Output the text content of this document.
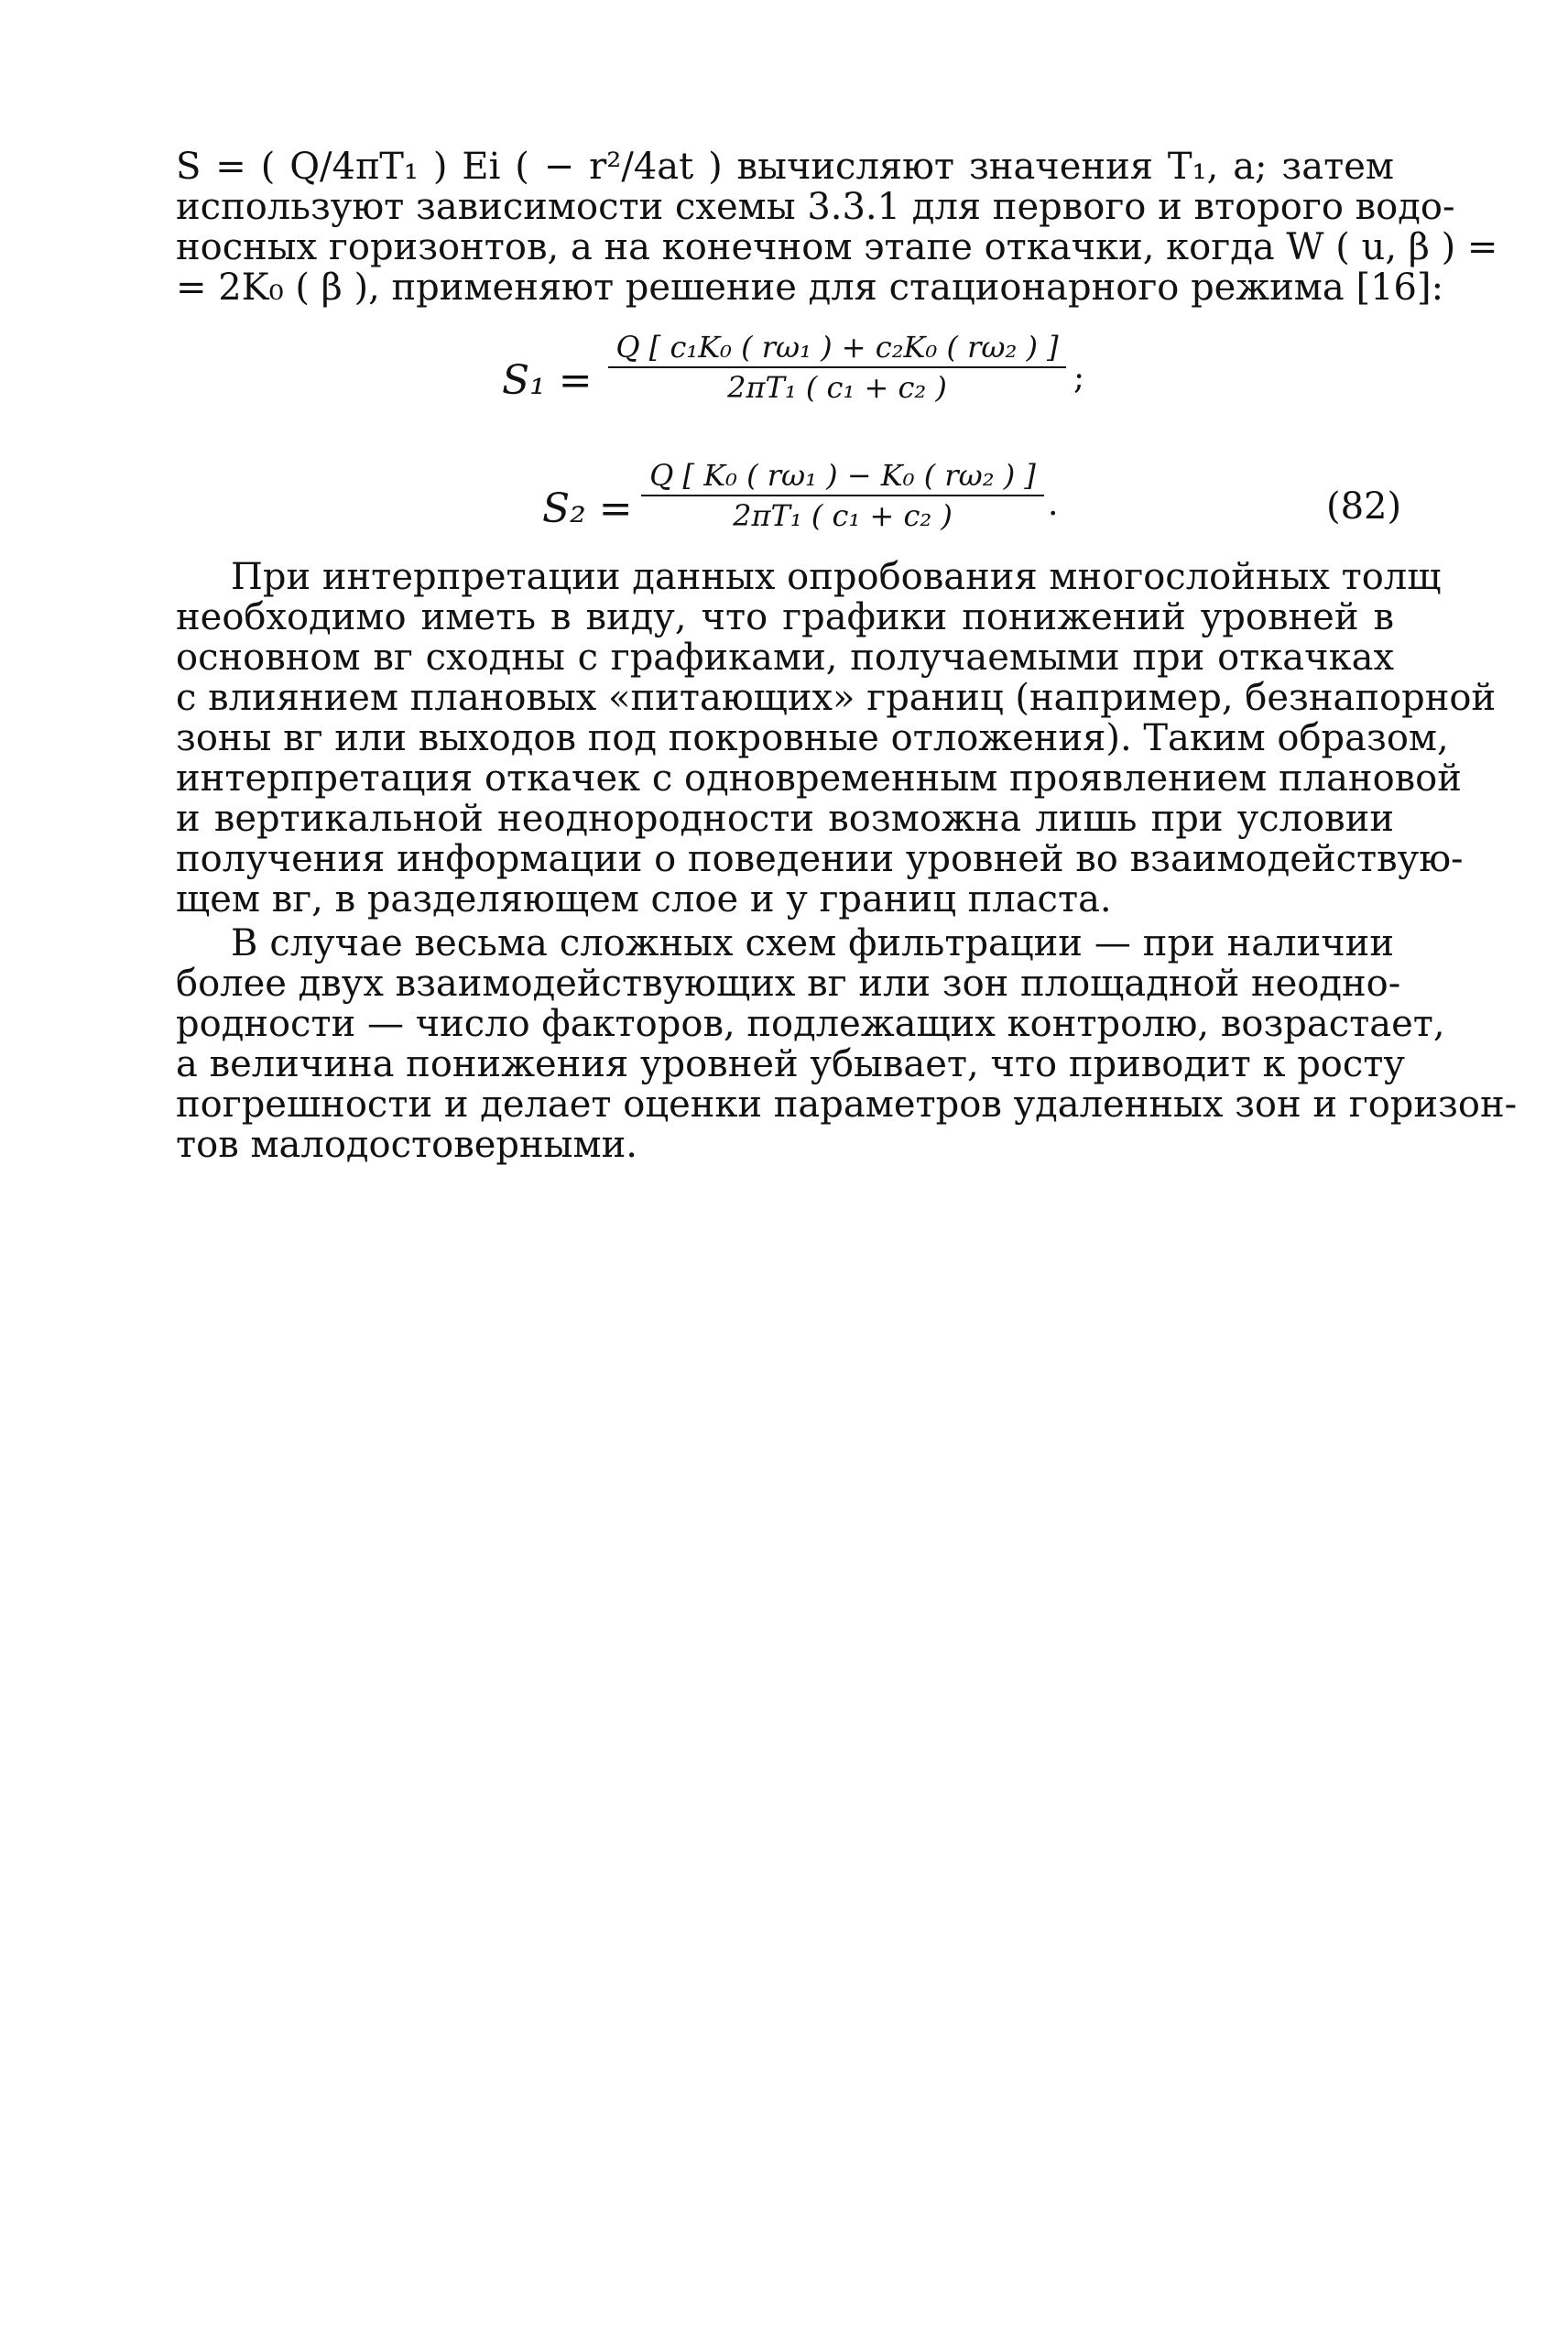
S = ( Q/4πT₁ ) Ei ( − r²/4at ) вычисляют значения T₁, a; затем
используют зависимости схемы 3.3.1 для первого и второго водо-
носных горизонтов, а на конечном этапе откачки, когда W ( u, β ) =
= 2K₀ ( β ), применяют решение для стационарного режима [16]:
S₁ =
Q [ c₁K₀ ( rω₁ ) + c₂K₀ ( rω₂ ) ]
2πT₁ ( c₁ + c₂ )	;
S₂ =
Q [ K₀ ( rω₁ ) − K₀ ( rω₂ ) ]
2πT₁ ( c₁ + c₂ )	.	(82)
При интерпретации данных опробования многослойных толщ
необходимо иметь в виду, что графики понижений уровней в
основном вг сходны с графиками, получаемыми при откачках
с влиянием плановых «питающих» границ (например, безнапорной
зоны вг или выходов под покровные отложения). Таким образом,
интерпретация откачек с одновременным проявлением плановой
и вертикальной неоднородности возможна лишь при условии
получения информации о поведении уровней во взаимодействую-
щем вг, в разделяющем слое и у границ пласта.
В случае весьма сложных схем фильтрации — при наличии
более двух взаимодействующих вг или зон площадной неодно-
родности — число факторов, подлежащих контролю, возрастает,
а величина понижения уровней убывает, что приводит к росту
погрешности и делает оценки параметров удаленных зон и горизон-
тов малодостоверными.
